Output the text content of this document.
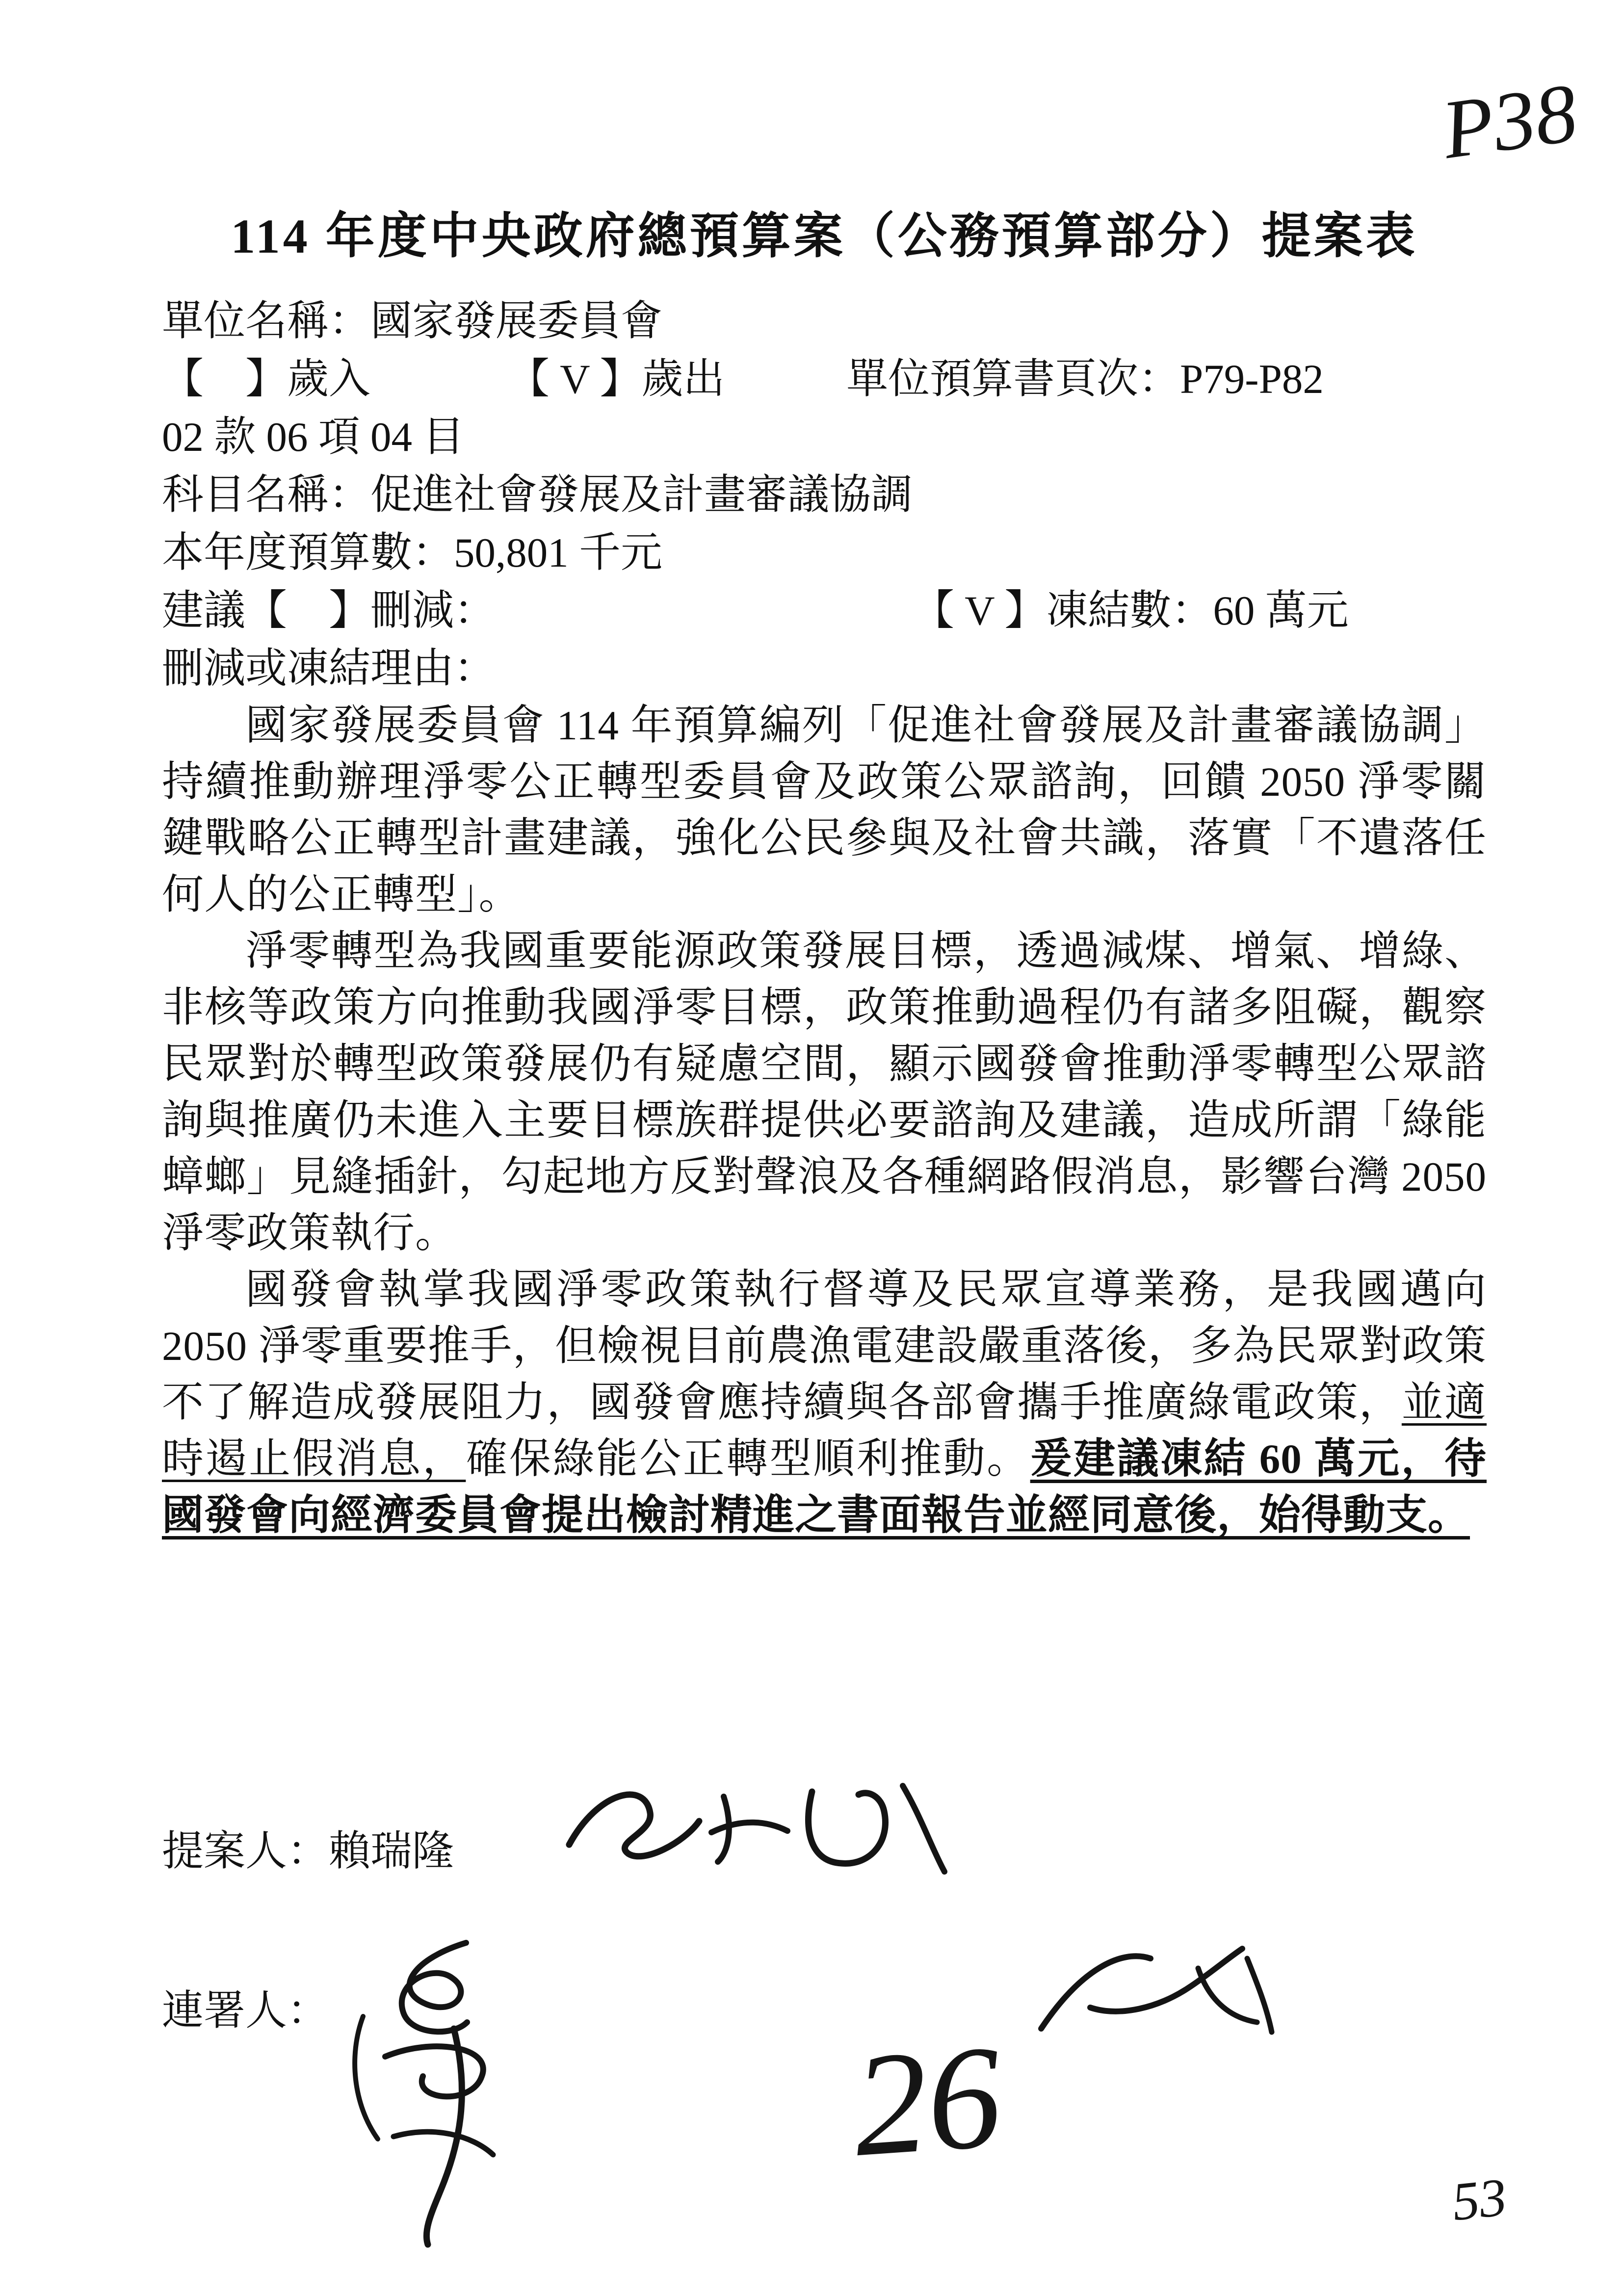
P38
114 年度中央政府總預算案（公務預算部分）提案表
單位名稱：國家發展委員會
【　】歲入	【 V 】歲出	單位預算書頁次：P79-P82
02 款 06 項 04 目
科目名稱：促進社會發展及計畫審議協調
本年度預算數：50,801 千元
建議【　】刪減：	【 V 】凍結數：60 萬元
刪減或凍結理由：

國家發展委員會 114 年預算編列「促進社會發展及計畫審議協調」持續推動辦理淨零公正轉型委員會及政策公眾諮詢，回饋 2050 淨零關鍵戰略公正轉型計畫建議，強化公民參與及社會共識，落實「不遺落任何人的公正轉型」。

淨零轉型為我國重要能源政策發展目標，透過減煤、增氣、增綠、非核等政策方向推動我國淨零目標，政策推動過程仍有諸多阻礙，觀察民眾對於轉型政策發展仍有疑慮空間，顯示國發會推動淨零轉型公眾諮詢與推廣仍未進入主要目標族群提供必要諮詢及建議，造成所謂「綠能蟑螂」見縫插針，勾起地方反對聲浪及各種網路假消息，影響台灣 2050 淨零政策執行。

國發會執掌我國淨零政策執行督導及民眾宣導業務，是我國邁向 2050 淨零重要推手，但檢視目前農漁電建設嚴重落後，多為民眾對政策不了解造成發展阻力，國發會應持續與各部會攜手推廣綠電政策，並適時遏止假消息，確保綠能公正轉型順利推動。爰建議凍結 60 萬元，待國發會向經濟委員會提出檢討精進之書面報告並經同意後，始得動支。

提案人：賴瑞隆
連署人：
26
53
